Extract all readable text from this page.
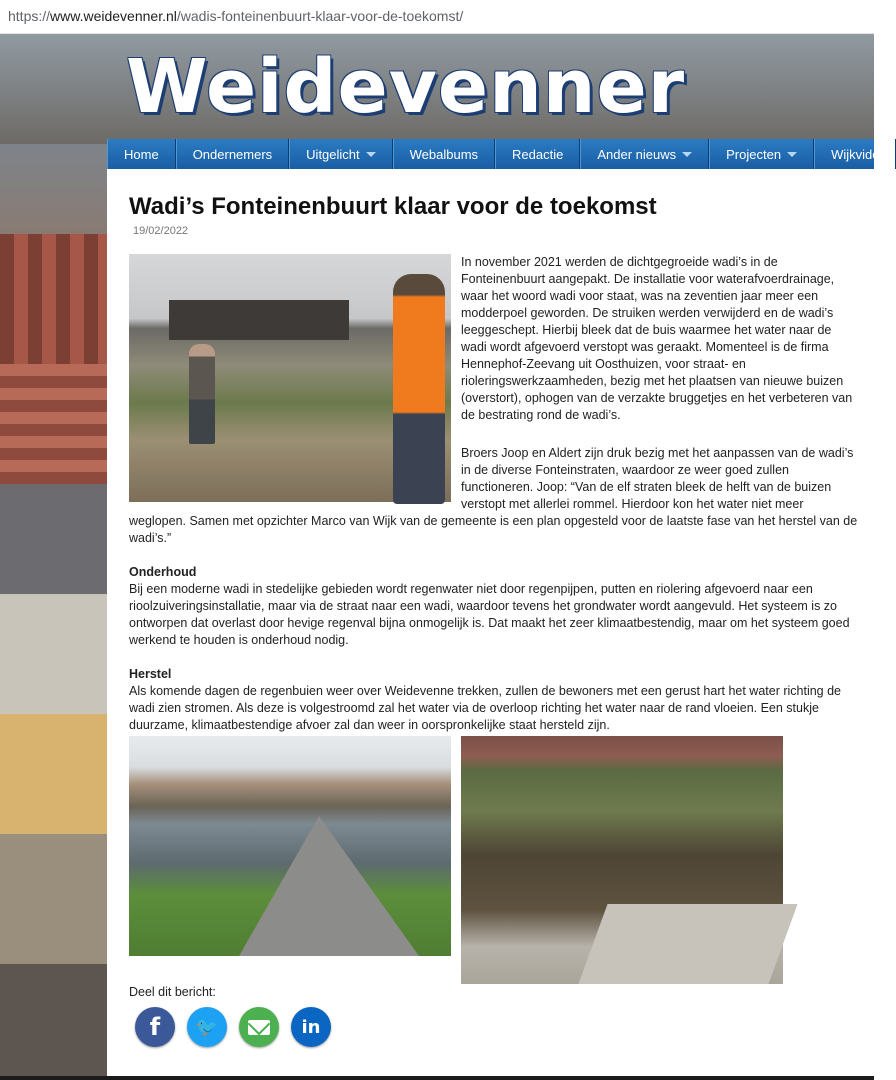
https://www.weidevenner.nl/wadis-fonteinenbuurt-klaar-voor-de-toekomst/
Weidevenner
Home	Ondernemers	Uitgelicht	Webalbums	Redactie	Ander nieuws	Projecten	Wijkvide
Wadi’s Fonteinenbuurt klaar voor de toekomst
19/02/2022

In november 2021 werden de dichtgegroeide wadi’s in de Fonteinenbuurt aangepakt. De installatie voor waterafvoerdrainage, waar het woord wadi voor staat, was na zeventien jaar meer een modderpoel geworden. De struiken werden verwijderd en de wadi’s leeggeschept. Hierbij bleek dat de buis waarmee het water naar de wadi wordt afgevoerd verstopt was geraakt. Momenteel is de firma Hennephof-Zeevang uit Oosthuizen, voor straat- en rioleringswerkzaamheden, bezig met het plaatsen van nieuwe buizen (overstort), ophogen van de verzakte bruggetjes en het verbeteren van de bestrating rond de wadi’s.

Broers Joop en Aldert zijn druk bezig met het aanpassen van de wadi’s in de diverse Fonteinstraten, waardoor ze weer goed zullen functioneren. Joop: “Van de elf straten bleek de helft van de buizen verstopt met allerlei rommel. Hierdoor kon het water niet meer

weglopen. Samen met opzichter Marco van Wijk van de gemeente is een plan opgesteld voor de laatste fase van het herstel van de wadi’s.”

Onderhoud

Bij een moderne wadi in stedelijke gebieden wordt regenwater niet door regenpijpen, putten en riolering afgevoerd naar een rioolzuiveringsinstallatie, maar via de straat naar een wadi, waardoor tevens het grondwater wordt aangevuld. Het systeem is zo ontworpen dat overlast door hevige regenval bijna onmogelijk is. Dat maakt het zeer klimaatbestendig, maar om het systeem goed werkend te houden is onderhoud nodig.

Herstel

Als komende dagen de regenbuien weer over Weidevenne trekken, zullen de bewoners met een gerust hart het water richting de wadi zien stromen. Als deze is volgestroomd zal het water via de overloop richting het water naar de rand vloeien. Een stukje duurzame, klimaatbestendige afvoer zal dan weer in oorspronkelijke staat hersteld zijn.

Deel dit bericht:
f 🐦	in
